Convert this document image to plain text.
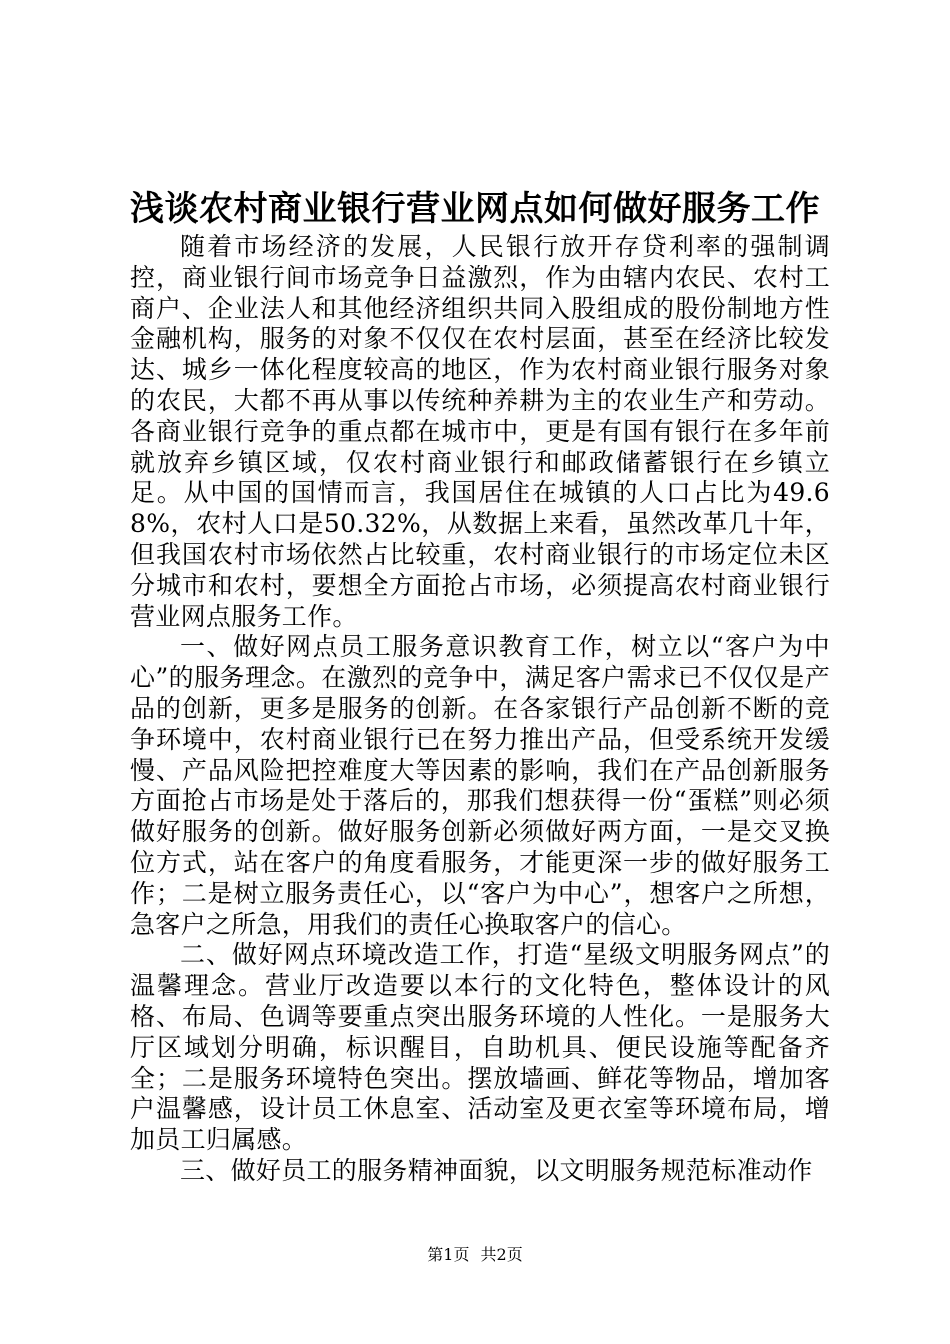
浅谈农村商业银行营业网点如何做好服务工作

随着市场经济的发展，人民银行放开存贷利率的强制调控，商业银行间市场竞争日益激烈，作为由辖内农民、农村工商户、企业法人和其他经济组织共同入股组成的股份制地方性金融机构，服务的对象不仅仅在农村层面，甚至在经济比较发达、城乡一体化程度较高的地区，作为农村商业银行服务对象的农民，大都不再从事以传统种养耕为主的农业生产和劳动。各商业银行竞争的重点都在城市中，更是有国有银行在多年前就放弃乡镇区域，仅农村商业银行和邮政储蓄银行在乡镇立足。从中国的国情而言，我国居住在城镇的人口占比为49.68%，农村人口是50.32%，从数据上来看，虽然改革几十年，但我国农村市场依然占比较重，农村商业银行的市场定位未区分城市和农村，要想全方面抢占市场，必须提高农村商业银行营业网点服务工作。

一、做好网点员工服务意识教育工作，树立以“客户为中心”的服务理念。在激烈的竞争中，满足客户需求已不仅仅是产品的创新，更多是服务的创新。在各家银行产品创新不断的竞争环境中，农村商业银行已在努力推出产品，但受系统开发缓慢、产品风险把控难度大等因素的影响，我们在产品创新服务方面抢占市场是处于落后的，那我们想获得一份“蛋糕”则必须做好服务的创新。做好服务创新必须做好两方面，一是交叉换位方式，站在客户的角度看服务，才能更深一步的做好服务工作；二是树立服务责任心，以“客户为中心”，想客户之所想，急客户之所急，用我们的责任心换取客户的信心。

二、做好网点环境改造工作，打造“星级文明服务网点”的温馨理念。营业厅改造要以本行的文化特色，整体设计的风格、布局、色调等要重点突出服务环境的人性化。一是服务大厅区域划分明确，标识醒目，自助机具、便民设施等配备齐全；二是服务环境特色突出。摆放墙画、鲜花等物品，增加客户温馨感，设计员工休息室、活动室及更衣室等环境布局，增加员工归属感。

三、做好员工的服务精神面貌，以文明服务规范标准动作

第1页 共2页
